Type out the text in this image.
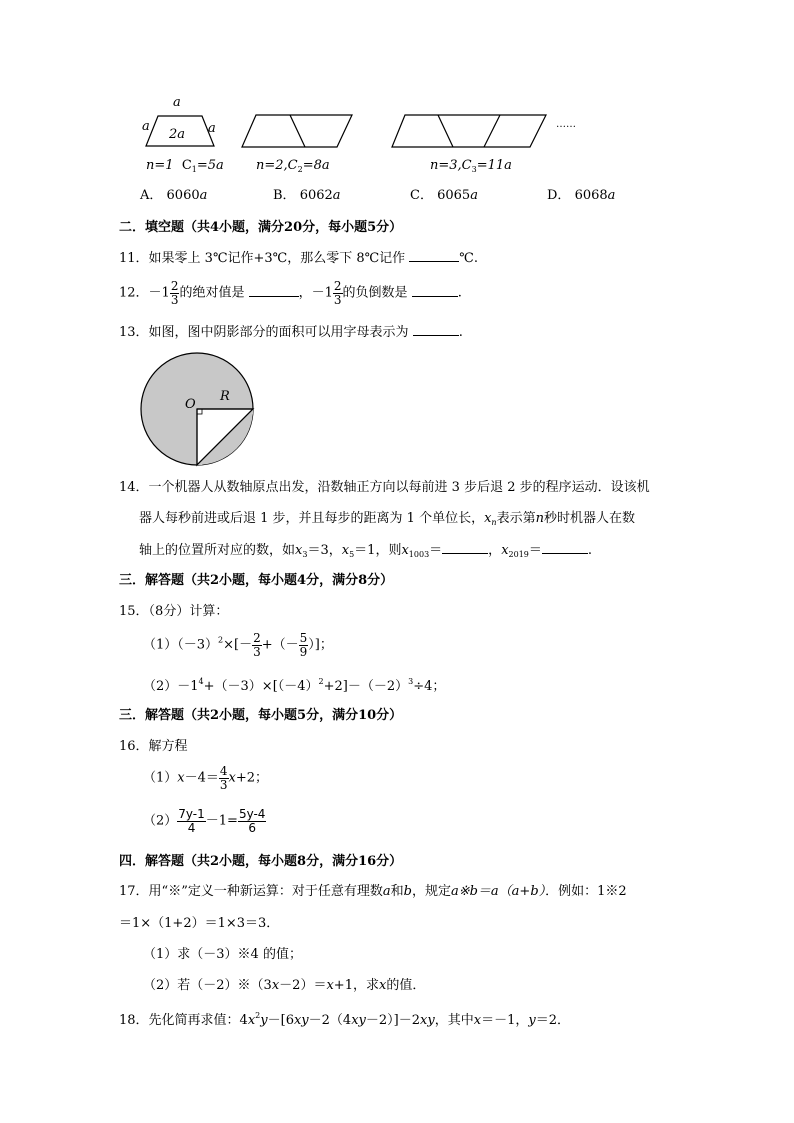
a
a	a
2a
……
n=1 $C_1=5a$ $n=2,C_2=8a$	$n=3,C_3=11a$
A． 6060a	B． 6062a	C． 6065a	D． 6068a
二．填空题（共4小题，满分20分，每小题5分）
11．如果零上 3℃记作+3℃，那么零下 8℃记作	℃.
12．$-1 \frac{2}{3}$ 的绝对值是	，$-1 \frac{2}{3}$ 的负倒数是	.
13．如图，图中阴影部分的面积可以用字母表示为	.
O
R
14．一个机器人从数轴原点出发，沿数轴正方向以每前进 3 步后退 2 步的程序运动．设该机
器人每秒前进或后退 1 步，并且每步的距离为 1 个单位长，$x_n$表示第n秒时机器人在数
轴上的位置所对应的数，如$x_3=3$，$x_5=1$，则$x_{1003}=$	，$x_{2019}=$	.
三．解答题（共2小题，每小题4分，满分8分）
15．（8分）计算：
$(1)(-3)^2\times[- \frac{2}{3}$ +（－ $\frac{5}{9}$ ）]；
$(2)-1^4+(-3)\times[(-4)^2+2]-(-2)^3\div 4$；
三．解答题（共2小题，每小题5分，满分10分）
16．解方程
$(1)x-4= \frac{4}{3} x+2$；
$(2) \frac{7y-1}{4} -1= \frac{5y-4}{6}$
四．解答题（共2小题，每小题8分，满分16分）
17．用“※”定义一种新运算：对于任意有理数a和b，规定a※b＝a（a+b）．例如：1※2
＝1×（1+2）＝1×3＝3．
（1）求（－3）※4 的值；
（2）若（－2）※（3x－2）＝x+1，求x的值．
18．先化简再求值：$4x^2y-[6xy-2(4xy-2)]-2xy$，其中x＝－1，y＝2．
